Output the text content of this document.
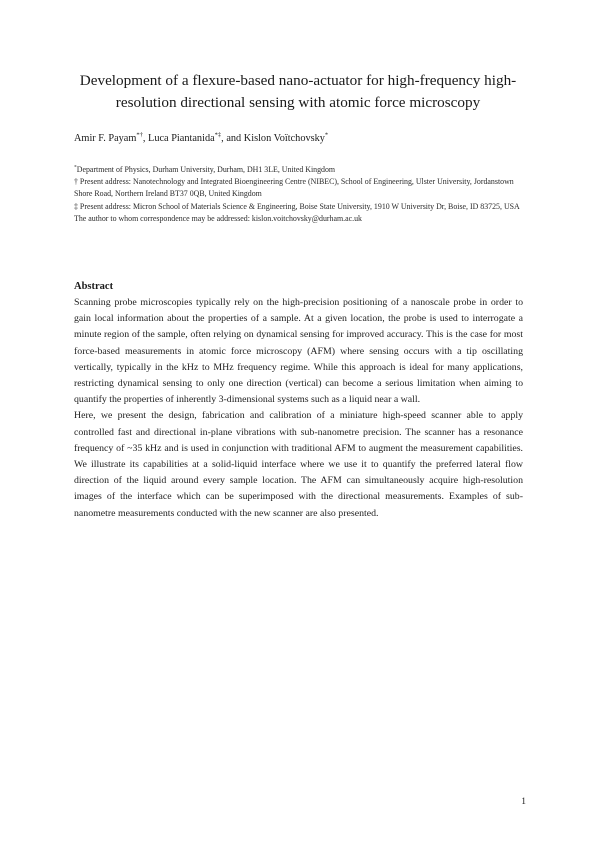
Development of a flexure-based nano-actuator for high-frequency high-resolution directional sensing with atomic force microscopy
Amir F. Payam*†, Luca Piantanida*‡, and Kislon Voïtchovsky*

*Department of Physics, Durham University, Durham, DH1 3LE, United Kingdom

† Present address: Nanotechnology and Integrated Bioengineering Centre (NIBEC), School of Engineering, Ulster University, Jordanstown Shore Road, Northern Ireland BT37 0QB, United Kingdom

‡ Present address: Micron School of Materials Science & Engineering, Boise State University, 1910 W University Dr, Boise, ID 83725, USA

The author to whom correspondence may be addressed: kislon.voitchovsky@durham.ac.uk

Abstract

Scanning probe microscopies typically rely on the high-precision positioning of a nanoscale probe in order to gain local information about the properties of a sample. At a given location, the probe is used to interrogate a minute region of the sample, often relying on dynamical sensing for improved accuracy. This is the case for most force-based measurements in atomic force microscopy (AFM) where sensing occurs with a tip oscillating vertically, typically in the kHz to MHz frequency regime. While this approach is ideal for many applications, restricting dynamical sensing to only one direction (vertical) can become a serious limitation when aiming to quantify the properties of inherently 3-dimensional systems such as a liquid near a wall.

Here, we present the design, fabrication and calibration of a miniature high-speed scanner able to apply controlled fast and directional in-plane vibrations with sub-nanometre precision. The scanner has a resonance frequency of ~35 kHz and is used in conjunction with traditional AFM to augment the measurement capabilities. We illustrate its capabilities at a solid-liquid interface where we use it to quantify the preferred lateral flow direction of the liquid around every sample location. The AFM can simultaneously acquire high-resolution images of the interface which can be superimposed with the directional measurements. Examples of sub-nanometre measurements conducted with the new scanner are also presented.

1
